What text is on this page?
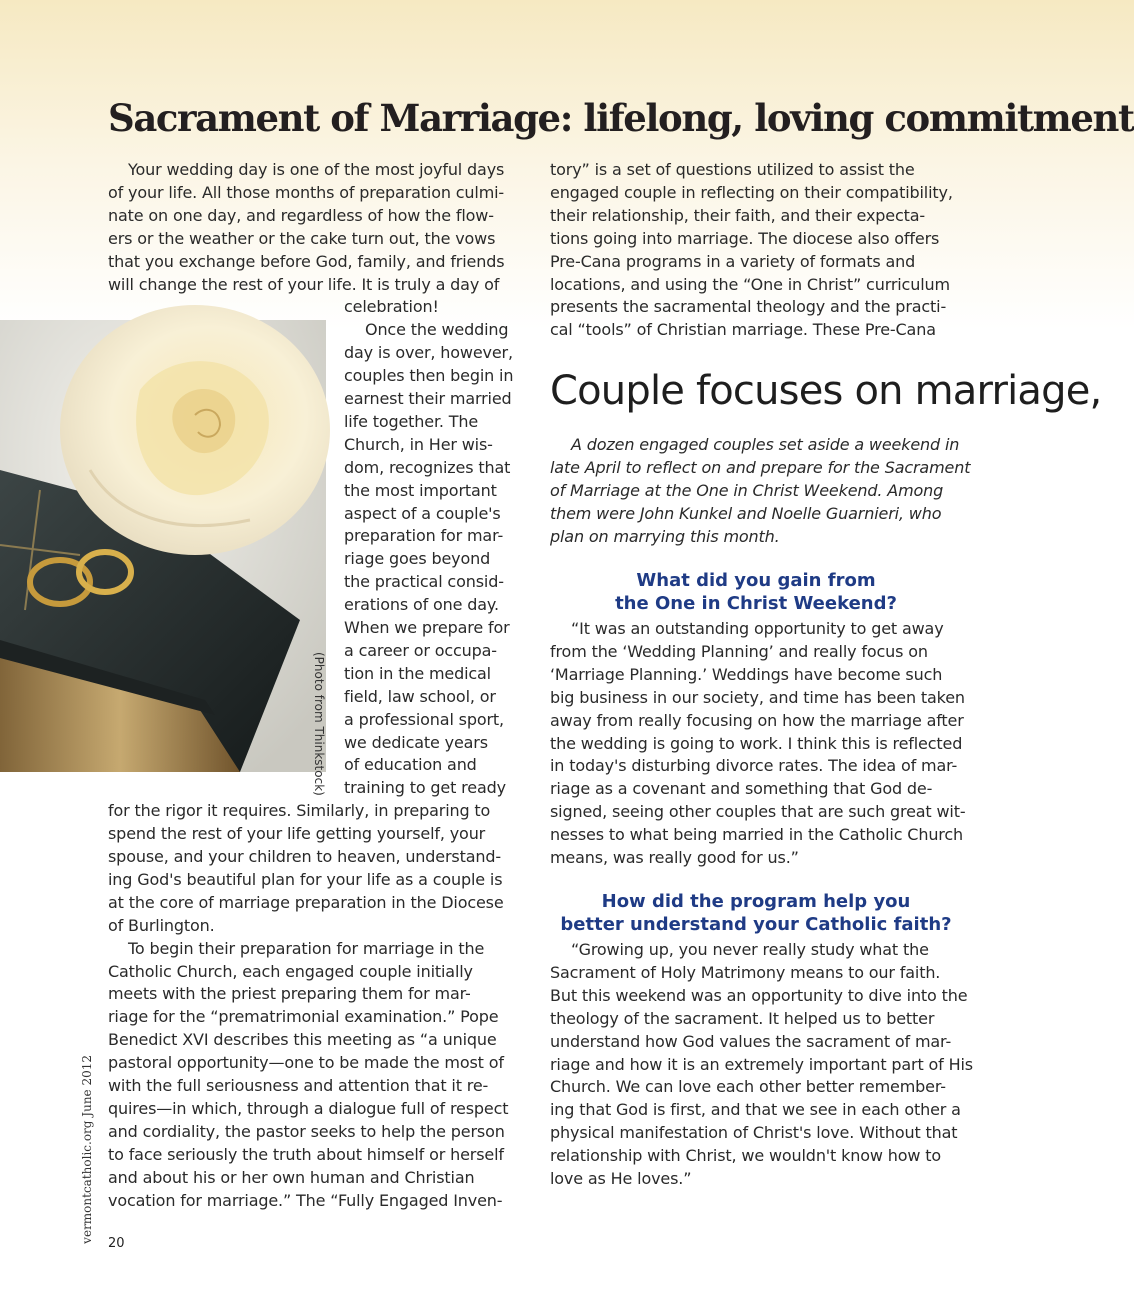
Sacrament of Marriage: lifelong, loving commitment
(Photo from Thinkstock)
Your wedding day is one of the most joyful days
of your life. All those months of preparation culmi-
nate on one day, and regardless of how the flow-
ers or the weather or the cake turn out, the vows
that you exchange before God, family, and friends
will change the rest of your life. It is truly a day of
celebration!
Once the wedding
day is over, however,
couples then begin in
earnest their married
life together. The
Church, in Her wis-
dom, recognizes that
the most important
aspect of a couple's
preparation for mar-
riage goes beyond
the practical consid-
erations of one day.
When we prepare for
a career or occupa-
tion in the medical
field, law school, or
a professional sport,
we dedicate years
of education and
training to get ready
for the rigor it requires. Similarly, in preparing to
spend the rest of your life getting yourself, your
spouse, and your children to heaven, understand-
ing God's beautiful plan for your life as a couple is
at the core of marriage preparation in the Diocese
of Burlington.
To begin their preparation for marriage in the
Catholic Church, each engaged couple initially
meets with the priest preparing them for mar-
riage for the “prematrimonial examination.” Pope
Benedict XVI describes this meeting as “a unique
pastoral opportunity—one to be made the most of
with the full seriousness and attention that it re-
quires—in which, through a dialogue full of respect
and cordiality, the pastor seeks to help the person
to face seriously the truth about himself or herself
and about his or her own human and Christian
vocation for marriage.” The “Fully Engaged Inven-
tory” is a set of questions utilized to assist the
engaged couple in reflecting on their compatibility,
their relationship, their faith, and their expecta-
tions going into marriage. The diocese also offers
Pre-Cana programs in a variety of formats and
locations, and using the “One in Christ” curriculum
presents the sacramental theology and the practi-
cal “tools” of Christian marriage. These Pre-Cana
Couple focuses on marriage,
A dozen engaged couples set aside a weekend in
late April to reflect on and prepare for the Sacrament
of Marriage at the One in Christ Weekend. Among
them were John Kunkel and Noelle Guarnieri, who
plan on marrying this month.
What did you gain from
the One in Christ Weekend?
“It was an outstanding opportunity to get away
from the ‘Wedding Planning’ and really focus on
‘Marriage Planning.’ Weddings have become such
big business in our society, and time has been taken
away from really focusing on how the marriage after
the wedding is going to work. I think this is reflected
in today's disturbing divorce rates. The idea of mar-
riage as a covenant and something that God de-
signed, seeing other couples that are such great wit-
nesses to what being married in the Catholic Church
means, was really good for us.”
How did the program help you
better understand your Catholic faith?
“Growing up, you never really study what the
Sacrament of Holy Matrimony means to our faith.
But this weekend was an opportunity to dive into the
theology of the sacrament. It helped us to better
understand how God values the sacrament of mar-
riage and how it is an extremely important part of His
Church. We can love each other better remember-
ing that God is first, and that we see in each other a
physical manifestation of Christ's love. Without that
relationship with Christ, we wouldn't know how to
love as He loves.”
vermontcatholic.org June 2012	20
